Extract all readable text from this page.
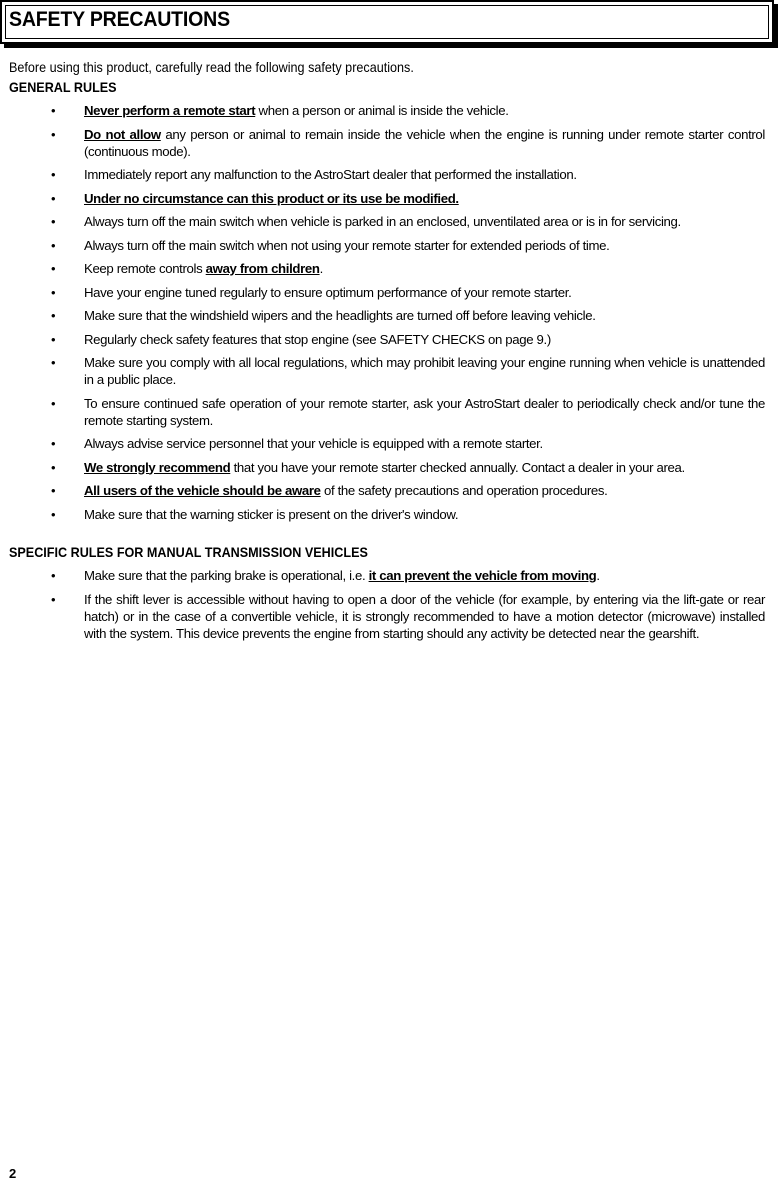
SAFETY PRECAUTIONS

Before using this product, carefully read the following safety precautions.

GENERAL RULES
• Never perform a remote start when a person or animal is inside the vehicle.
• Do not allow any person or animal to remain inside the vehicle when the engine is running under remote starter control (continuous mode).
• Immediately report any malfunction to the AstroStart dealer that performed the installation.
• Under no circumstance can this product or its use be modified.
• Always turn off the main switch when vehicle is parked in an enclosed, unventilated area or is in for servicing.
• Always turn off the main switch when not using your remote starter for extended periods of time.
• Keep remote controls away from children.
• Have your engine tuned regularly to ensure optimum performance of your remote starter.
• Make sure that the windshield wipers and the headlights are turned off before leaving vehicle.
• Regularly check safety features that stop engine (see SAFETY CHECKS on page 9.)
• Make sure you comply with all local regulations, which may prohibit leaving your engine running when vehicle is unattended in a public place.
• To ensure continued safe operation of your remote starter, ask your AstroStart dealer to periodically check and/or tune the remote starting system.
• Always advise service personnel that your vehicle is equipped with a remote starter.
• We strongly recommend that you have your remote starter checked annually. Contact a dealer in your area.
• All users of the vehicle should be aware of the safety precautions and operation procedures.
• Make sure that the warning sticker is present on the driver's window.
SPECIFIC RULES FOR MANUAL TRANSMISSION VEHICLES
• Make sure that the parking brake is operational, i.e. it can prevent the vehicle from moving.
• If the shift lever is accessible without having to open a door of the vehicle (for example, by entering via the lift-gate or rear hatch) or in the case of a convertible vehicle, it is strongly recommended to have a motion detector (microwave) installed with the system. This device prevents the engine from starting should any activity be detected near the gearshift.
2
